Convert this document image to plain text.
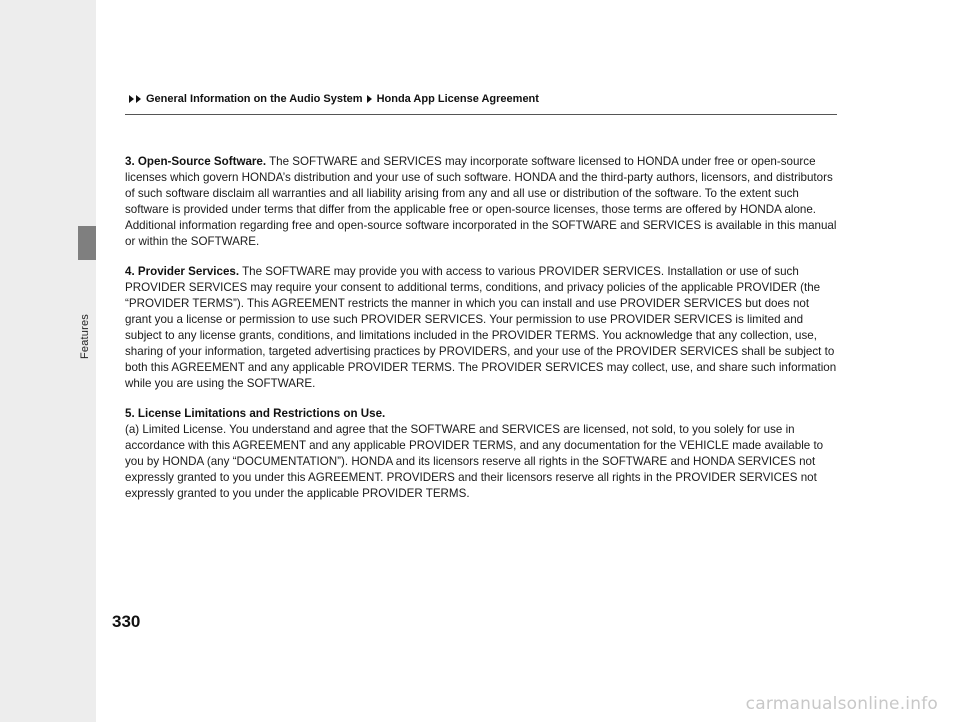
Features
General Information on the Audio System Honda App License Agreement

3. Open-Source Software. The SOFTWARE and SERVICES may incorporate software licensed to HONDA under free or open-source licenses which govern HONDA’s distribution and your use of such software. HONDA and the third-party authors, licensors, and distributors of such software disclaim all warranties and all liability arising from any and all use or distribution of the software. To the extent such software is provided under terms that differ from the applicable free or open-source licenses, those terms are offered by HONDA alone. Additional information regarding free and open-source software incorporated in the SOFTWARE and SERVICES is available in this manual or within the SOFTWARE.

4. Provider Services. The SOFTWARE may provide you with access to various PROVIDER SERVICES. Installation or use of such PROVIDER SERVICES may require your consent to additional terms, conditions, and privacy policies of the applicable PROVIDER (the “PROVIDER TERMS”). This AGREEMENT restricts the manner in which you can install and use PROVIDER SERVICES but does not grant you a license or permission to use such PROVIDER SERVICES. Your permission to use PROVIDER SERVICES is limited and subject to any license grants, conditions, and limitations included in the PROVIDER TERMS. You acknowledge that any collection, use, sharing of your information, targeted advertising practices by PROVIDERS, and your use of the PROVIDER SERVICES shall be subject to both this AGREEMENT and any applicable PROVIDER TERMS. The PROVIDER SERVICES may collect, use, and share such information while you are using the SOFTWARE.

5. License Limitations and Restrictions on Use.
(a) Limited License. You understand and agree that the SOFTWARE and SERVICES are licensed, not sold, to you solely for use in accordance with this AGREEMENT and any applicable PROVIDER TERMS, and any documentation for the VEHICLE made available to you by HONDA (any “DOCUMENTATION”). HONDA and its licensors reserve all rights in the SOFTWARE and HONDA SERVICES not expressly granted to you under this AGREEMENT. PROVIDERS and their licensors reserve all rights in the PROVIDER SERVICES not expressly granted to you under the applicable PROVIDER TERMS.
330
carmanualsonline.info
